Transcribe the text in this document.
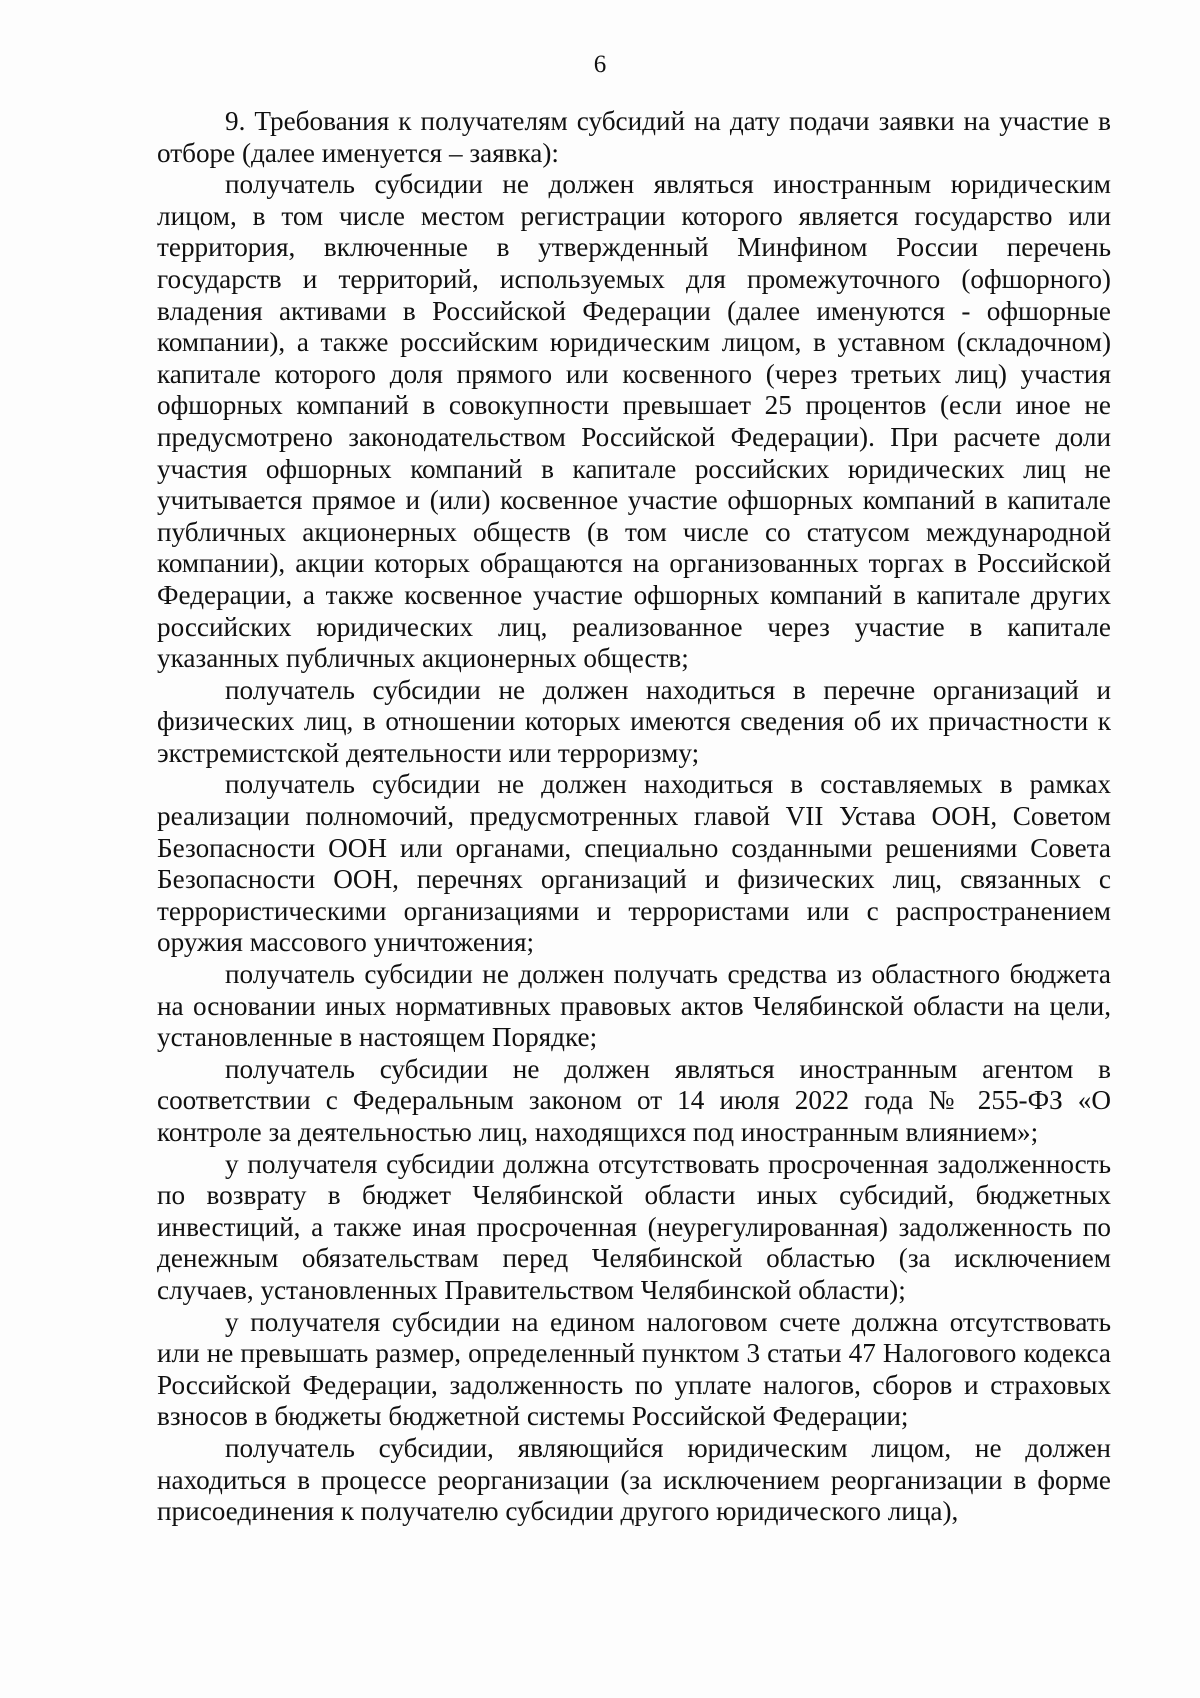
6

9. Требования к получателям субсидий на дату подачи заявки на участие в отборе (далее именуется – заявка):

получатель субсидии не должен являться иностранным юридическим лицом, в том числе местом регистрации которого является государство или территория, включенные в утвержденный Минфином России перечень государств и территорий, используемых для промежуточного (офшорного) владения активами в Российской Федерации (далее именуются - офшорные компании), а также российским юридическим лицом, в уставном (складочном) капитале которого доля прямого или косвенного (через третьих лиц) участия офшорных компаний в совокупности превышает 25 процентов (если иное не предусмотрено законодательством Российской Федерации). При расчете доли участия офшорных компаний в капитале российских юридических лиц не учитывается прямое и (или) косвенное участие офшорных компаний в капитале публичных акционерных обществ (в том числе со статусом международной компании), акции которых обращаются на организованных торгах в Российской Федерации, а также косвенное участие офшорных компаний в капитале других российских юридических лиц, реализованное через участие в капитале указанных публичных акционерных обществ;

получатель субсидии не должен находиться в перечне организаций и физических лиц, в отношении которых имеются сведения об их причастности к экстремистской деятельности или терроризму;

получатель субсидии не должен находиться в составляемых в рамках реализации полномочий, предусмотренных главой VII Устава ООН, Советом Безопасности ООН или органами, специально созданными решениями Совета Безопасности ООН, перечнях организаций и физических лиц, связанных с террористическими организациями и террористами или с распространением оружия массового уничтожения;

получатель субсидии не должен получать средства из областного бюджета на основании иных нормативных правовых актов Челябинской области на цели, установленные в настоящем Порядке;

получатель субсидии не должен являться иностранным агентом в соответствии с Федеральным законом от 14 июля 2022 года № 255-ФЗ «О контроле за деятельностью лиц, находящихся под иностранным влиянием»;

у получателя субсидии должна отсутствовать просроченная задолженность по возврату в бюджет Челябинской области иных субсидий, бюджетных инвестиций, а также иная просроченная (неурегулированная) задолженность по денежным обязательствам перед Челябинской областью (за исключением случаев, установленных Правительством Челябинской области);

у получателя субсидии на едином налоговом счете должна отсутствовать или не превышать размер, определенный пунктом 3 статьи 47 Налогового кодекса Российской Федерации, задолженность по уплате налогов, сборов и страховых взносов в бюджеты бюджетной системы Российской Федерации;

получатель субсидии, являющийся юридическим лицом, не должен находиться в процессе реорганизации (за исключением реорганизации в форме присоединения к получателю субсидии другого юридического лица),
